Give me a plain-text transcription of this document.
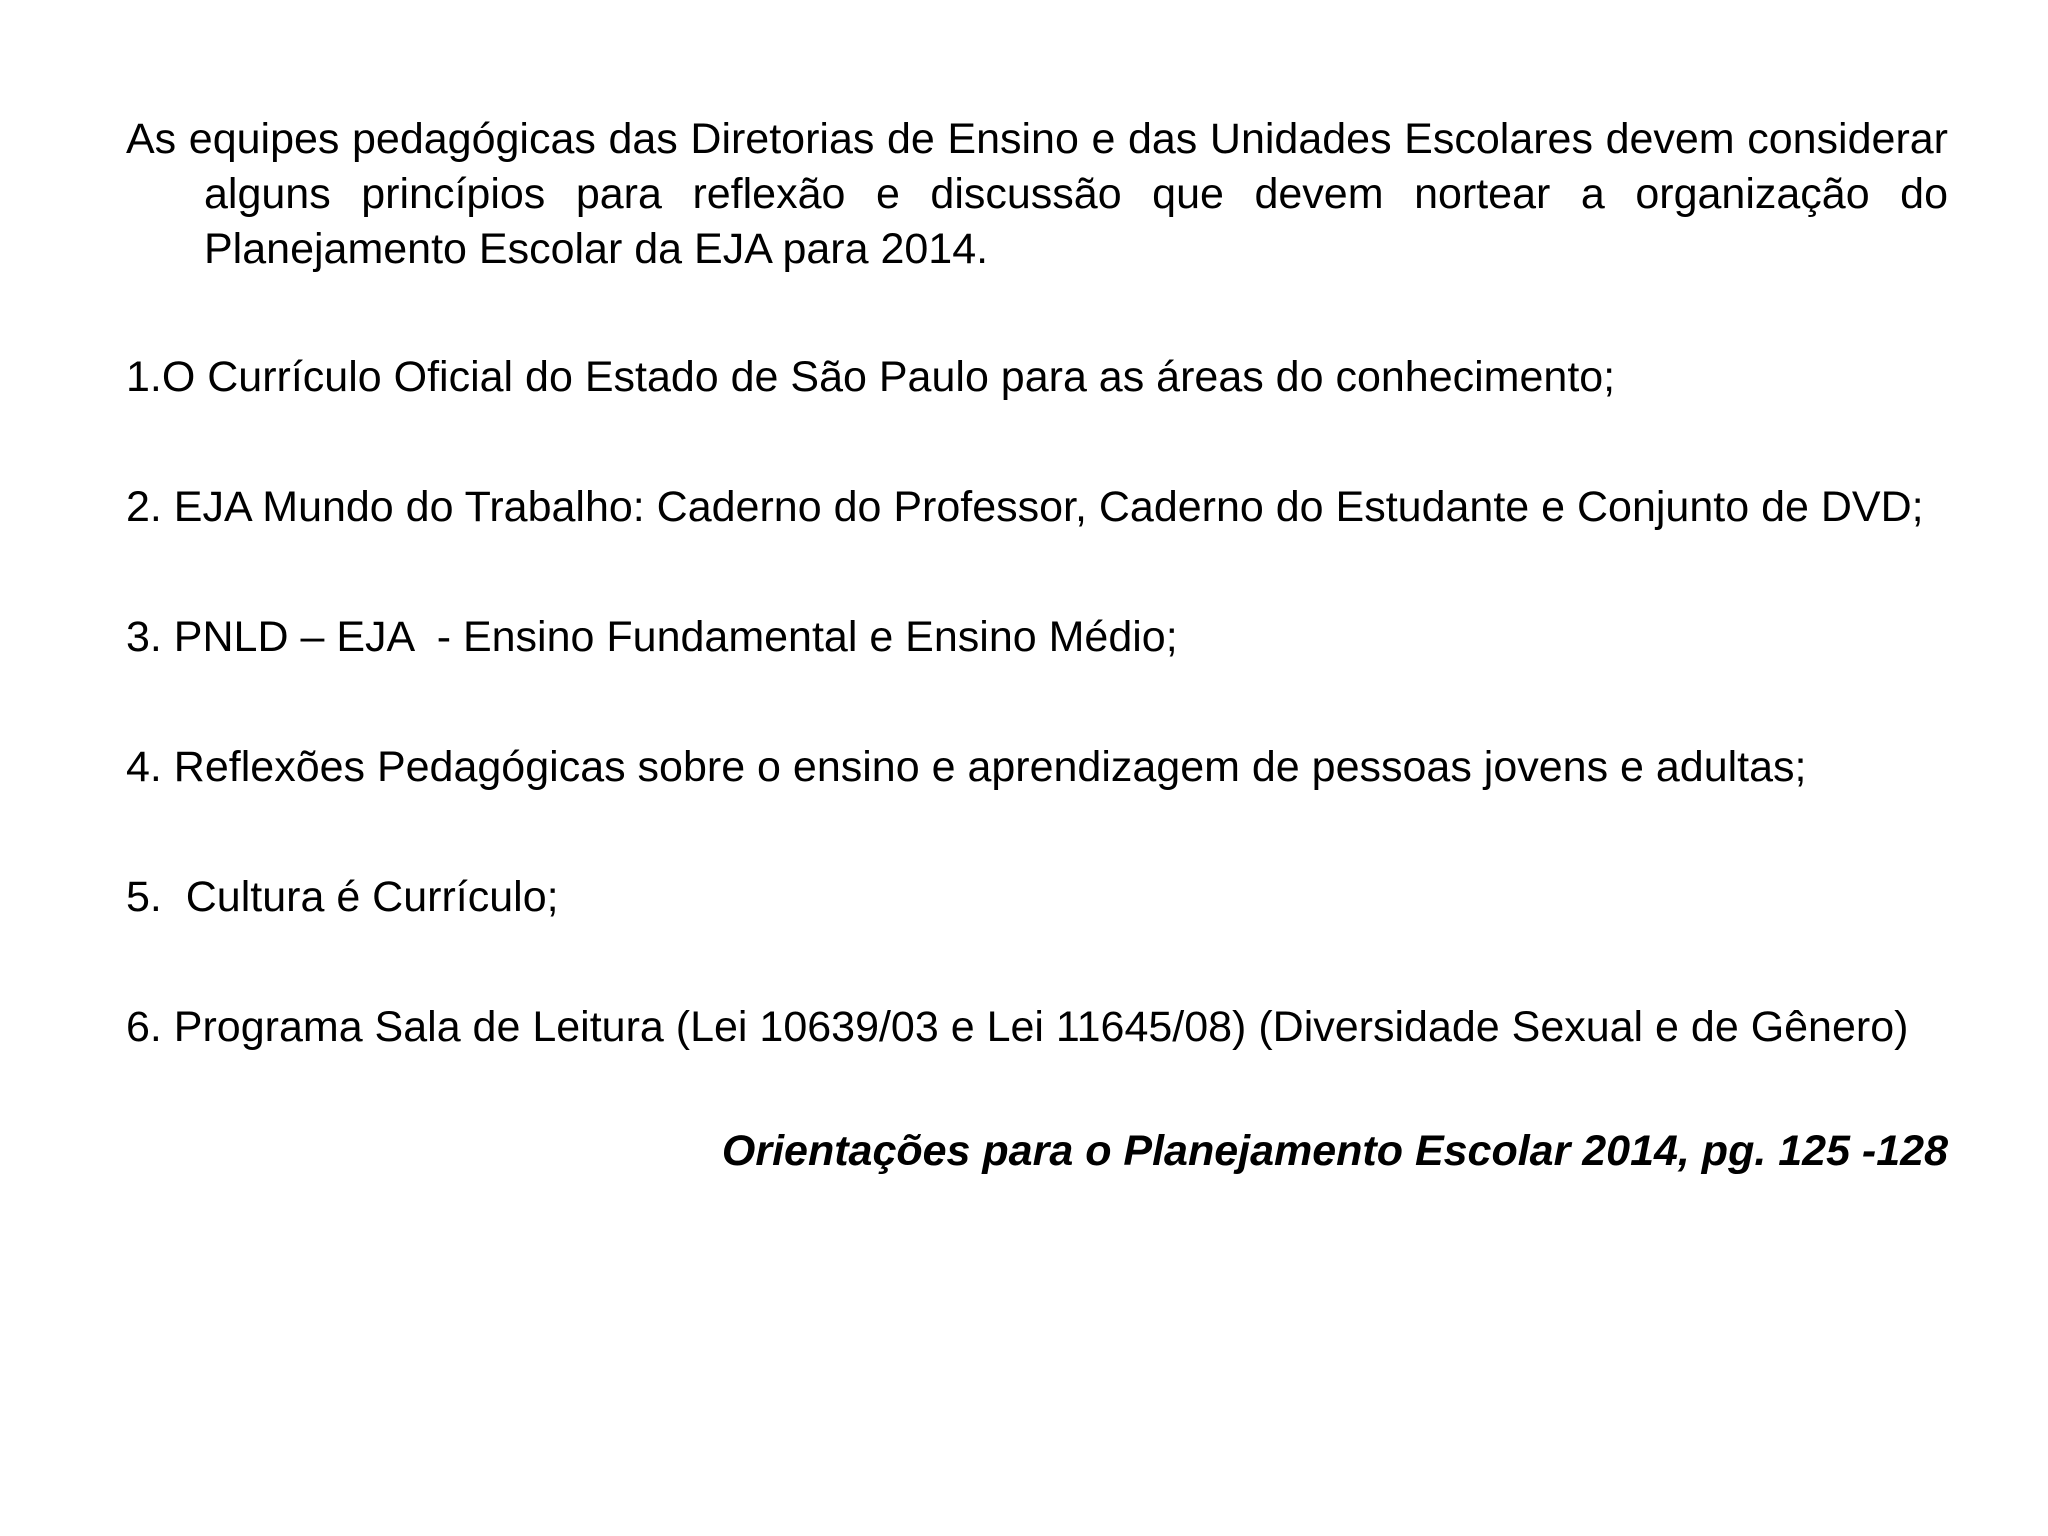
As equipes pedagógicas das Diretorias de Ensino e das Unidades Escolares devem considerar alguns princípios para reflexão e discussão que devem nortear a organização do Planejamento Escolar da EJA para 2014.

1.O Currículo Oficial do Estado de São Paulo para as áreas do conhecimento;

2. EJA Mundo do Trabalho: Caderno do Professor, Caderno do Estudante e Conjunto de DVD;

3. PNLD – EJA  - Ensino Fundamental e Ensino Médio;

4. Reflexões Pedagógicas sobre o ensino e aprendizagem de pessoas jovens e adultas;

5.  Cultura é Currículo;

6. Programa Sala de Leitura (Lei 10639/03 e Lei 11645/08) (Diversidade Sexual e de Gênero)

Orientações para o Planejamento Escolar 2014, pg. 125 -128
